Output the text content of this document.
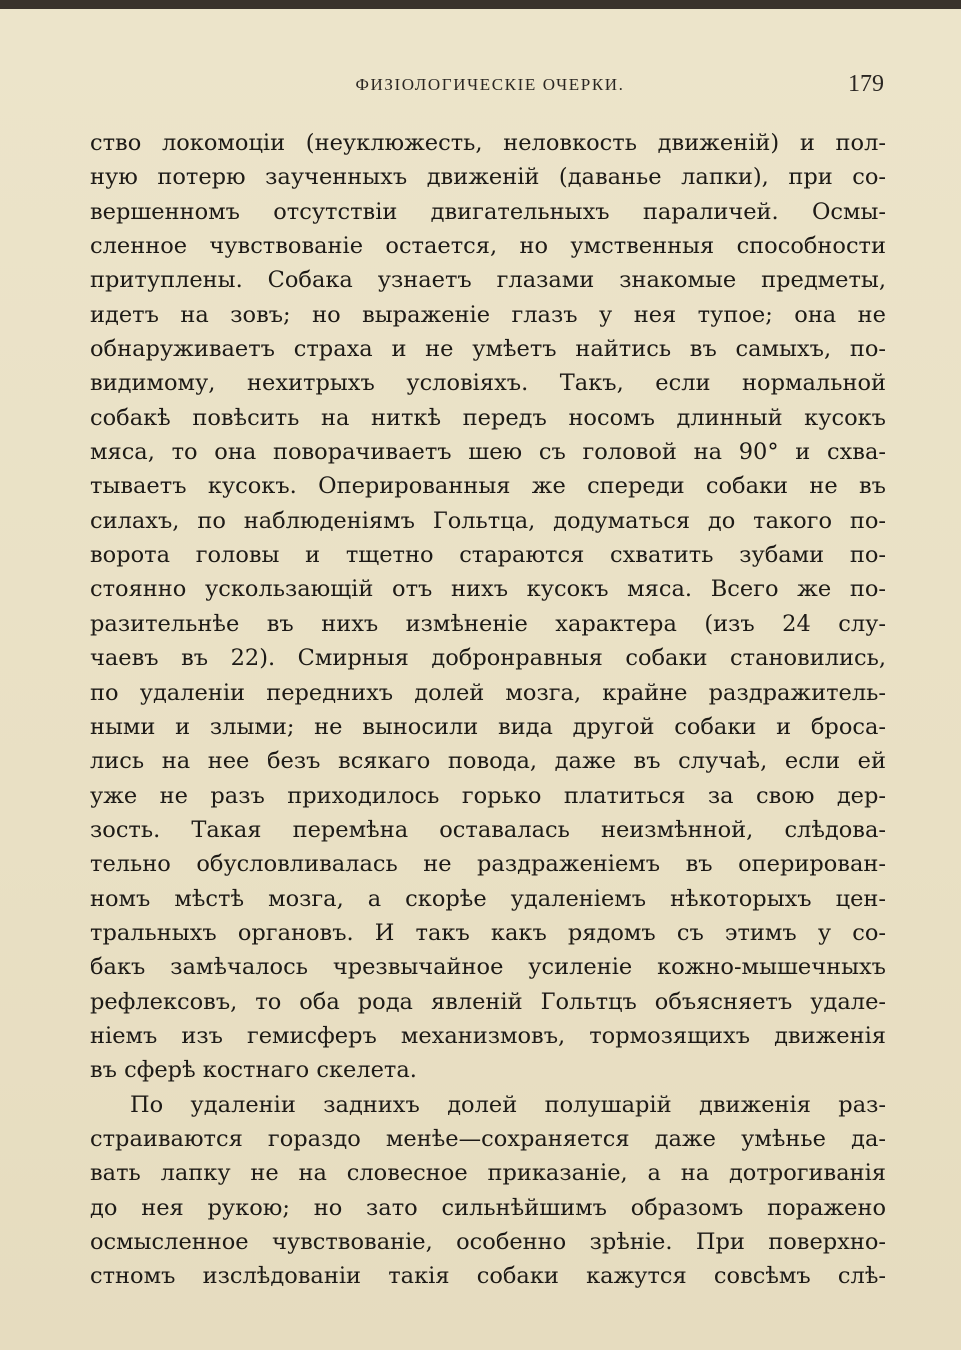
ФИЗІОЛОГИЧЕСКІЕ ОЧЕРКИ.	179
ство локомоціи (неуклюжесть, неловкость движеній) и пол-
ную потерю заученныхъ движеній (даванье лапки), при со-
вершенномъ отсутствіи двигательныхъ параличей. Осмы-
сленное чувствованіе остается, но умственныя способности
притуплены. Собака узнаетъ глазами знакомые предметы,
идетъ на зовъ; но выраженіе глазъ у нея тупое; она не
обнаруживаетъ страха и не умѣетъ найтись въ самыхъ, по-
видимому, нехитрыхъ условіяхъ. Такъ, если нормальной
собакѣ повѣсить на ниткѣ передъ носомъ длинный кусокъ
мяса, то она поворачиваетъ шею съ головой на 90° и схва-
тываетъ кусокъ. Оперированныя же спереди собаки не въ
силахъ, по наблюденіямъ Гольтца, додуматься до такого по-
ворота головы и тщетно стараются схватить зубами по-
стоянно ускользающій отъ нихъ кусокъ мяса. Всего же по-
разительнѣе въ нихъ измѣненіе характера (изъ 24 слу-
чаевъ въ 22). Смирныя добронравныя собаки становились,
по удаленіи переднихъ долей мозга, крайне раздражитель-
ными и злыми; не выносили вида другой собаки и броса-
лись на нее безъ всякаго повода, даже въ случаѣ, если ей
уже не разъ приходилось горько платиться за свою дер-
зость. Такая перемѣна оставалась неизмѣнной, слѣдова-
тельно обусловливалась не раздраженіемъ въ оперирован-
номъ мѣстѣ мозга, а скорѣе удаленіемъ нѣкоторыхъ цен-
тральныхъ органовъ. И такъ какъ рядомъ съ этимъ у со-
бакъ замѣчалось чрезвычайное усиленіе кожно-мышечныхъ
рефлексовъ, то оба рода явленій Гольтцъ объясняетъ удале-
ніемъ изъ гемисферъ механизмовъ, тормозящихъ движенія
въ сферѣ костнаго скелета.
По удаленіи заднихъ долей полушарій движенія раз-
страиваются гораздо менѣе—сохраняется даже умѣнье да-
вать лапку не на словесное приказаніе, а на дотрогиванія
до нея рукою; но зато сильнѣйшимъ образомъ поражено
осмысленное чувствованіе, особенно зрѣніе. При поверхно-
стномъ изслѣдованіи такія собаки кажутся совсѣмъ слѣ-
